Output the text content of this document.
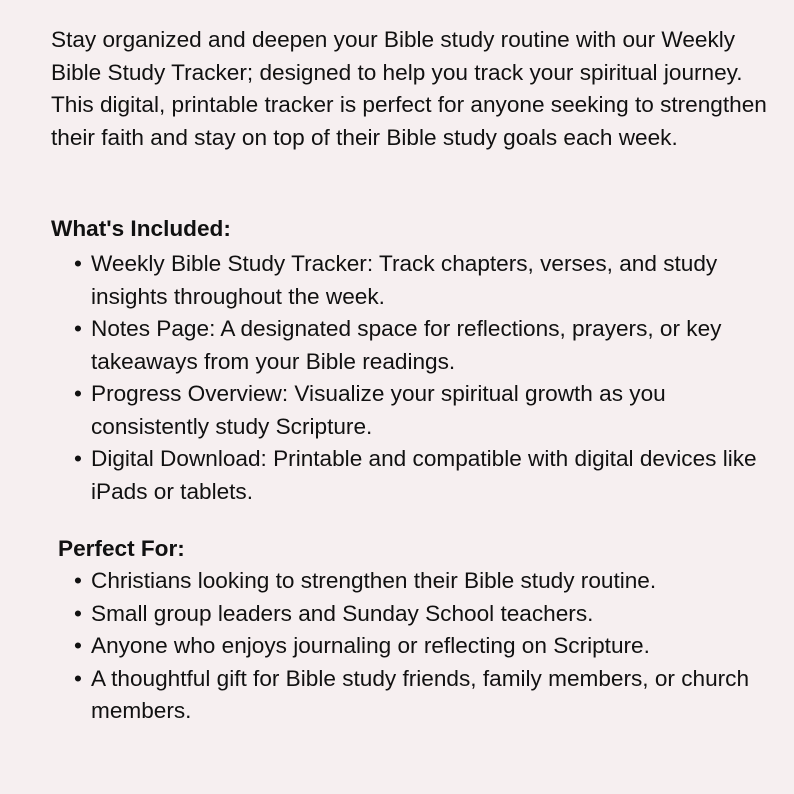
Stay organized and deepen your Bible study routine with our Weekly Bible Study Tracker; designed to help you track your spiritual journey. This digital, printable tracker is perfect for anyone seeking to strengthen their faith and stay on top of their Bible study goals each week.

What's Included:
• Weekly Bible Study Tracker: Track chapters, verses, and study insights throughout the week.
• Notes Page: A designated space for reflections, prayers, or key takeaways from your Bible readings.
• Progress Overview: Visualize your spiritual growth as you consistently study Scripture.
• Digital Download: Printable and compatible with digital devices like iPads or tablets.
Perfect For:
• Christians looking to strengthen their Bible study routine.
• Small group leaders and Sunday School teachers.
• Anyone who enjoys journaling or reflecting on Scripture.
• A thoughtful gift for Bible study friends, family members, or church members.
